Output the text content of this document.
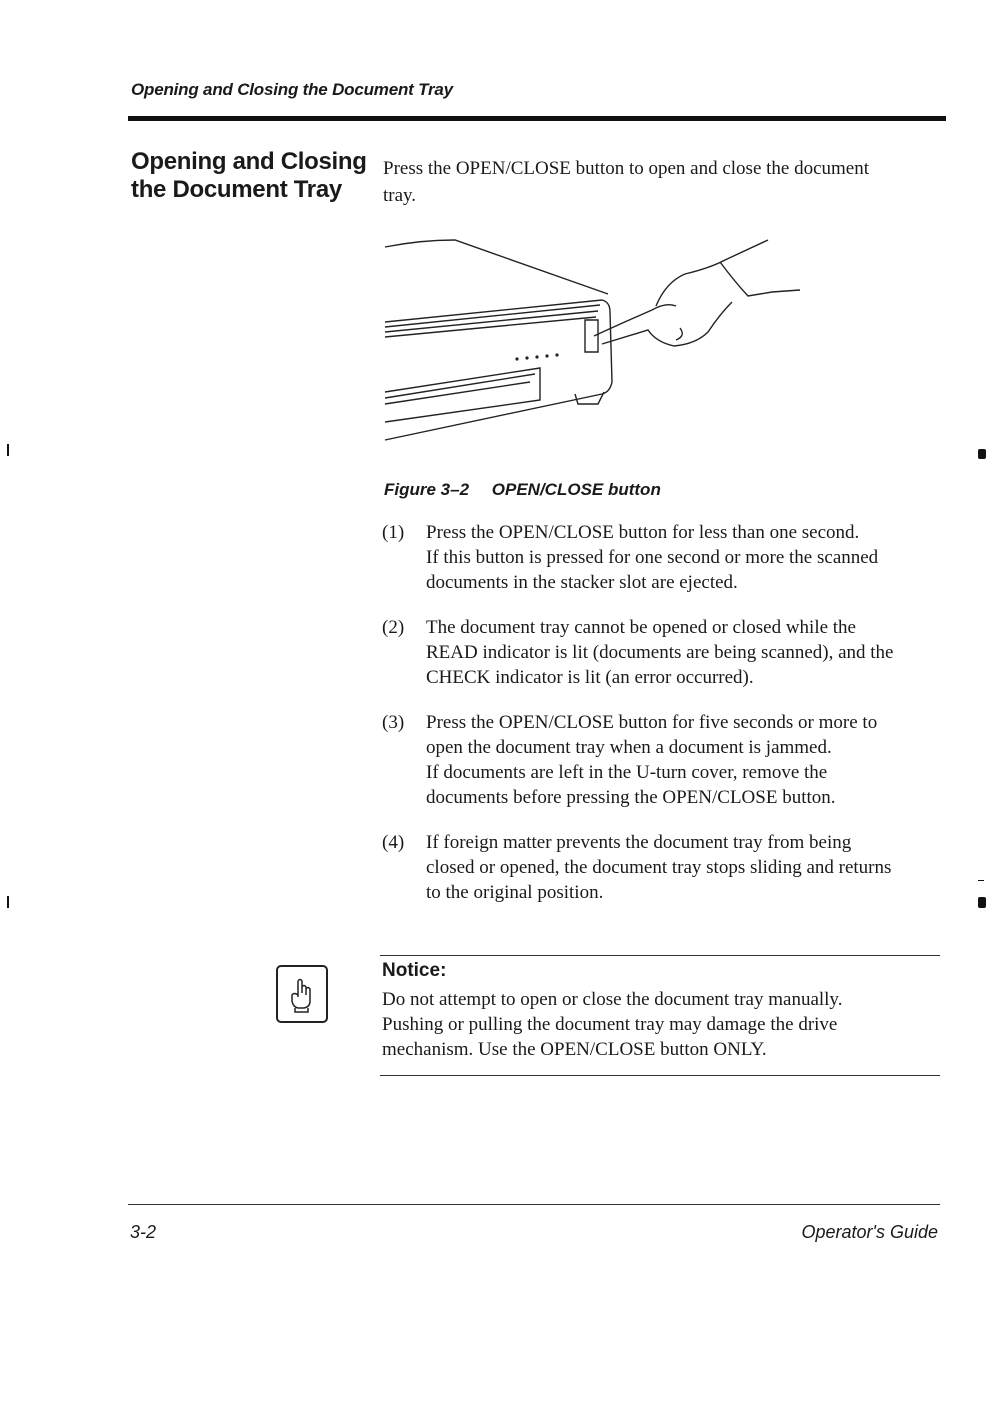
Opening and Closing the Document Tray
Opening and Closing
the Document Tray

Press the OPEN/CLOSE button to open and close the document
tray.

Figure 3–2 OPEN/CLOSE button
(1) Press the OPEN/CLOSE button for less than one second.
If this button is pressed for one second or more the scanned
documents in the stacker slot are ejected.
(2) The document tray cannot be opened or closed while the
READ indicator is lit (documents are being scanned), and the
CHECK indicator is lit (an error occurred).
(3) Press the OPEN/CLOSE button for five seconds or more to
open the document tray when a document is jammed.
If documents are left in the U-turn cover, remove the
documents before pressing the OPEN/CLOSE button.
(4) If foreign matter prevents the document tray from being
closed or opened, the document tray stops sliding and returns
to the original position.
Notice:
Do not attempt to open or close the document tray manually.
Pushing or pulling the document tray may damage the drive
mechanism. Use the OPEN/CLOSE button ONLY.
3-2	Operator's Guide
